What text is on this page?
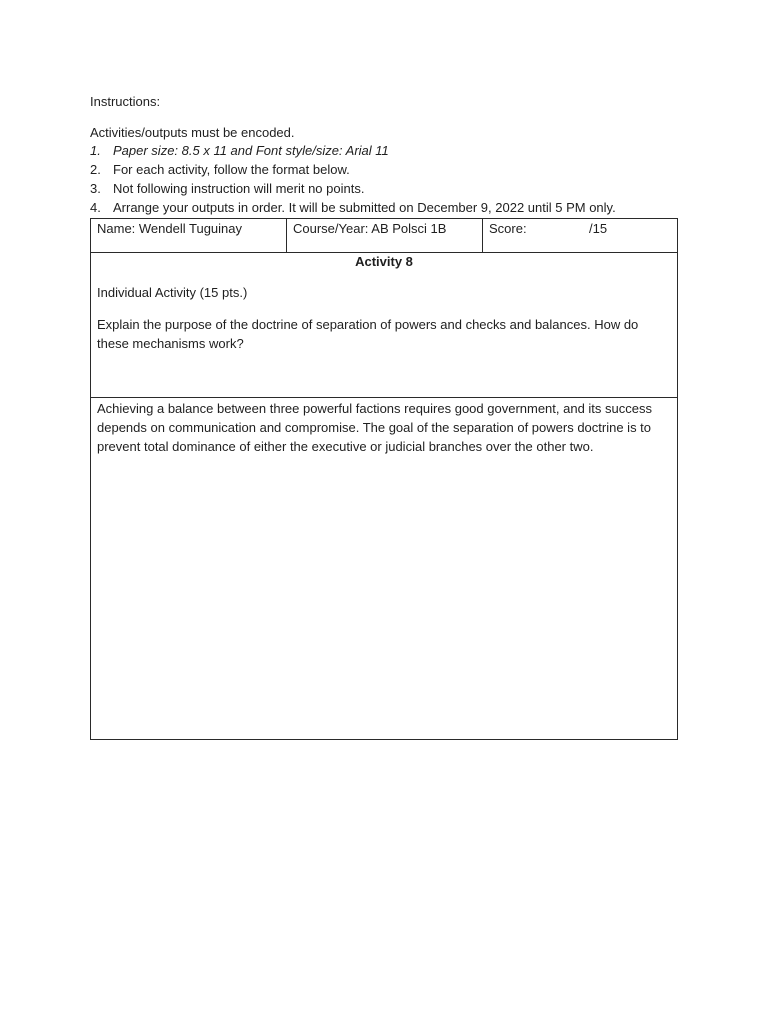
Instructions:
Activities/outputs must be encoded.
1. Paper size: 8.5 x 11 and Font style/size: Arial 11
2. For each activity, follow the format below.
3. Not following instruction will merit no points.
4. Arrange your outputs in order. It will be submitted on December 9, 2022 until 5 PM only.
Name: Wendell Tuguinay	Course/Year: AB Polsci 1B	Score:	/15
Activity 8
Individual Activity (15 pts.)
Explain the purpose of the doctrine of separation of powers and checks and balances. How do these mechanisms work?
Achieving a balance between three powerful factions requires good government, and its success depends on communication and compromise. The goal of the separation of powers doctrine is to prevent total dominance of either the executive or judicial branches over the other two.
